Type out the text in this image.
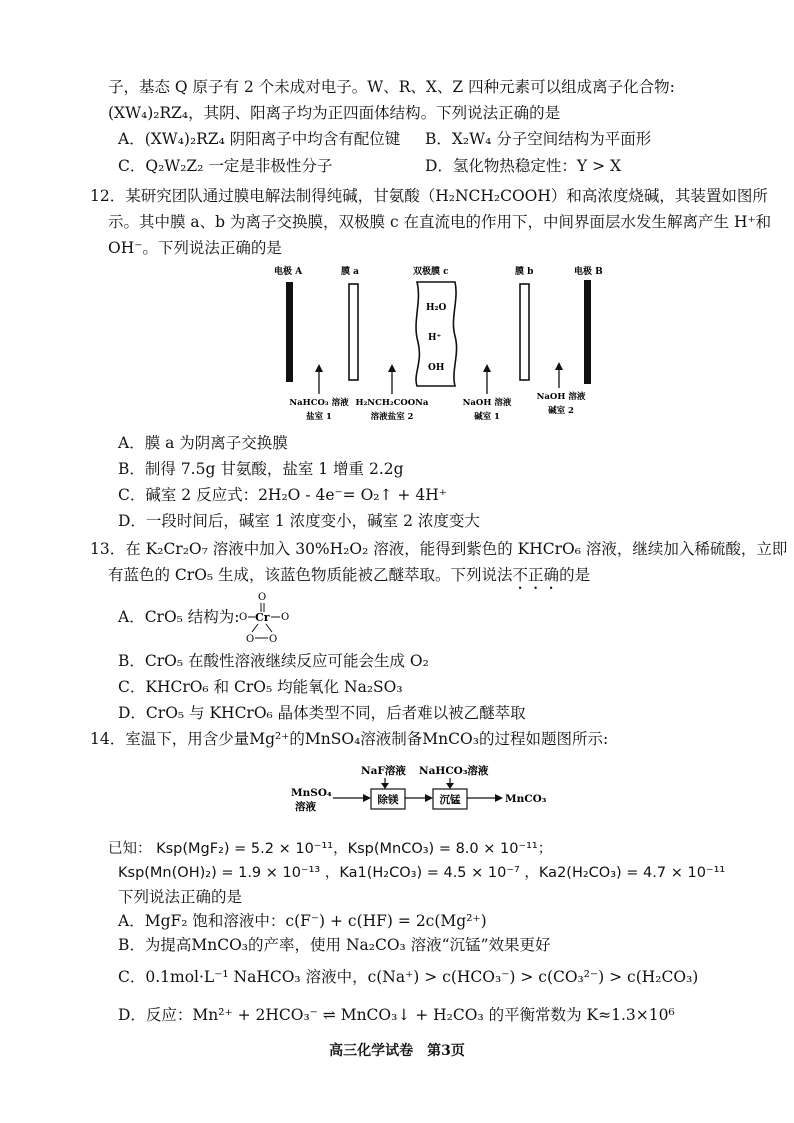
子，基态 Q 原子有 2 个未成对电子。W、R、X、Z 四种元素可以组成离子化合物:
(XW₄)₂RZ₄，其阴、阳离子均为正四面体结构。下列说法正确的是
A．(XW₄)₂RZ₄ 阴阳离子中均含有配位键 B．X₂W₄ 分子空间结构为平面形
C．Q₂W₂Z₂ 一定是非极性分子	D．氢化物热稳定性：Y > X
12．某研究团队通过膜电解法制得纯碱，甘氨酸（H₂NCH₂COOH）和高浓度烧碱，其装置如图所
示。其中膜 a、b 为离子交换膜，双极膜 c 在直流电的作用下，中间界面层水发生解离产生 H⁺和
OH⁻。下列说法正确的是
电极 A	膜 a	双极膜 c	膜 b	电极 B
H₂O
H⁺
OH
NaHCO₃ 溶液
盐室 1
H₂NCH₂COONa
溶液盐室 2
NaOH 溶液
碱室 1
NaOH 溶液
碱室 2
A．膜 a 为阴离子交换膜
B．制得 7.5g 甘氨酸，盐室 1 增重 2.2g
C．碱室 2 反应式：2H₂O - 4e⁻= O₂↑ + 4H⁺
D．一段时间后，碱室 1 浓度变小，碱室 2 浓度变大
13．在 K₂Cr₂O₇ 溶液中加入 30%H₂O₂ 溶液，能得到紫色的 KHCrO₆ 溶液，继续加入稀硫酸，立即
有蓝色的 CrO₅ 生成，该蓝色物质能被乙醚萃取。下列说法不正确的是
A．CrO₅ 结构为:
O
O Cr O
O O
B．CrO₅ 在酸性溶液继续反应可能会生成 O₂
C．KHCrO₆ 和 CrO₅ 均能氧化 Na₂SO₃
D．CrO₅ 与 KHCrO₆ 晶体类型不同，后者难以被乙醚萃取
14．室温下，用含少量Mg²⁺的MnSO₄溶液制备MnCO₃的过程如题图所示:
MnSO₄
溶液
NaF溶液
除镁
NaHCO₃溶液
沉锰	MnCO₃
已知： Ksp(MgF₂) = 5.2 × 10⁻¹¹，Ksp(MnCO₃) = 8.0 × 10⁻¹¹；
Ksp(Mn(OH)₂) = 1.9 × 10⁻¹³ ，Ka1(H₂CO₃) = 4.5 × 10⁻⁷ ，Ka2(H₂CO₃) = 4.7 × 10⁻¹¹
下列说法正确的是
A．MgF₂ 饱和溶液中：c(F⁻) + c(HF) = 2c(Mg²⁺)
B．为提高MnCO₃的产率，使用 Na₂CO₃ 溶液“沉锰”效果更好
C．0.1mol·L⁻¹ NaHCO₃ 溶液中，c(Na⁺) > c(HCO₃⁻) > c(CO₃²⁻) > c(H₂CO₃)
D．反应：Mn²⁺ + 2HCO₃⁻ ⇌ MnCO₃↓ + H₂CO₃ 的平衡常数为 K≈1.3×10⁶
高三化学试卷　第3页
